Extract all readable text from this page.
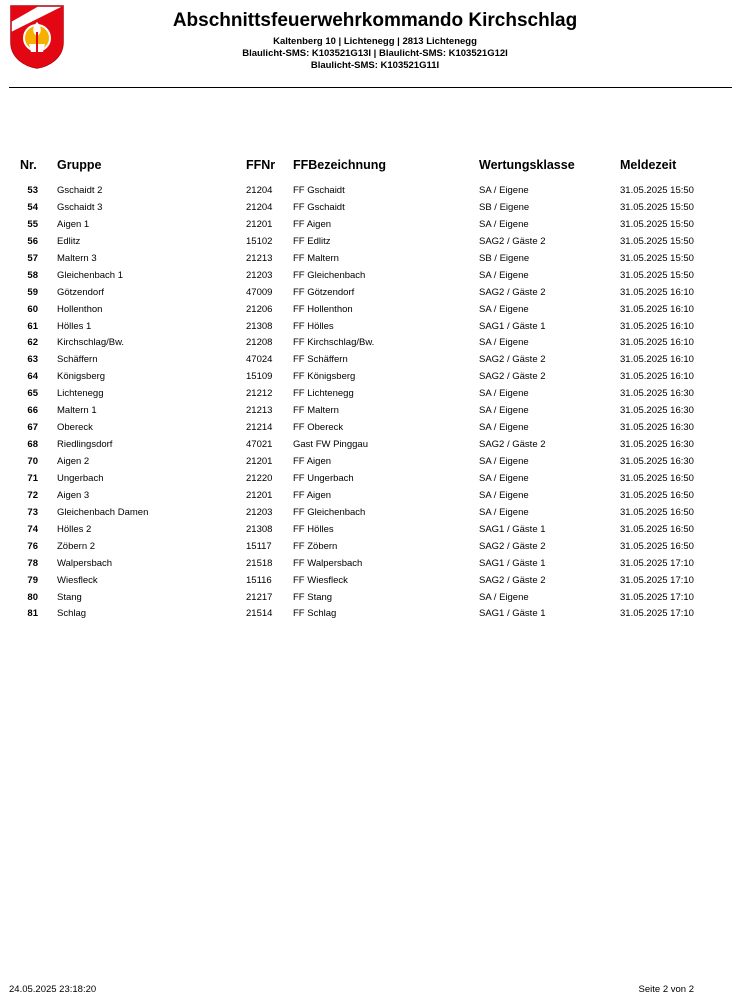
Abschnittsfeuerwehrkommando Kirchschlag
Kaltenberg 10 | Lichtenegg | 2813 Lichtenegg
Blaulicht-SMS: K103521G13I | Blaulicht-SMS: K103521G12I
Blaulicht-SMS: K103521G11I
Nr. Gruppe	FFNr FFBezeichnung	Wertungsklasse	Meldezeit
53 Gschaidt 2	21204 FF Gschaidt	SA / Eigene	31.05.2025 15:50
54 Gschaidt 3	21204 FF Gschaidt	SB / Eigene	31.05.2025 15:50
55 Aigen 1	21201 FF Aigen	SA / Eigene	31.05.2025 15:50
56 Edlitz	15102 FF Edlitz	SAG2 / Gäste 2	31.05.2025 15:50
57 Maltern 3	21213 FF Maltern	SB / Eigene	31.05.2025 15:50
58 Gleichenbach 1	21203 FF Gleichenbach	SA / Eigene	31.05.2025 15:50
59 Götzendorf	47009 FF Götzendorf	SAG2 / Gäste 2	31.05.2025 16:10
60 Hollenthon	21206 FF Hollenthon	SA / Eigene	31.05.2025 16:10
61 Hölles 1	21308 FF Hölles	SAG1 / Gäste 1	31.05.2025 16:10
62 Kirchschlag/Bw.	21208 FF Kirchschlag/Bw.	SA / Eigene	31.05.2025 16:10
63 Schäffern	47024 FF Schäffern	SAG2 / Gäste 2	31.05.2025 16:10
64 Königsberg	15109 FF Königsberg	SAG2 / Gäste 2	31.05.2025 16:10
65 Lichtenegg	21212 FF Lichtenegg	SA / Eigene	31.05.2025 16:30
66 Maltern 1	21213 FF Maltern	SA / Eigene	31.05.2025 16:30
67 Obereck	21214 FF Obereck	SA / Eigene	31.05.2025 16:30
68 Riedlingsdorf	47021 Gast FW Pinggau	SAG2 / Gäste 2	31.05.2025 16:30
70 Aigen 2	21201 FF Aigen	SA / Eigene	31.05.2025 16:30
71 Ungerbach	21220 FF Ungerbach	SA / Eigene	31.05.2025 16:50
72 Aigen 3	21201 FF Aigen	SA / Eigene	31.05.2025 16:50
73 Gleichenbach Damen	21203 FF Gleichenbach	SA / Eigene	31.05.2025 16:50
74 Hölles 2	21308 FF Hölles	SAG1 / Gäste 1	31.05.2025 16:50
76 Zöbern 2	15117 FF Zöbern	SAG2 / Gäste 2	31.05.2025 16:50
78 Walpersbach	21518 FF Walpersbach	SAG1 / Gäste 1	31.05.2025 17:10
79 Wiesfleck	15116 FF Wiesfleck	SAG2 / Gäste 2	31.05.2025 17:10
80 Stang	21217 FF Stang	SA / Eigene	31.05.2025 17:10
81 Schlag	21514 FF Schlag	SAG1 / Gäste 1	31.05.2025 17:10
24.05.2025 23:18:20	Seite 2 von 2
